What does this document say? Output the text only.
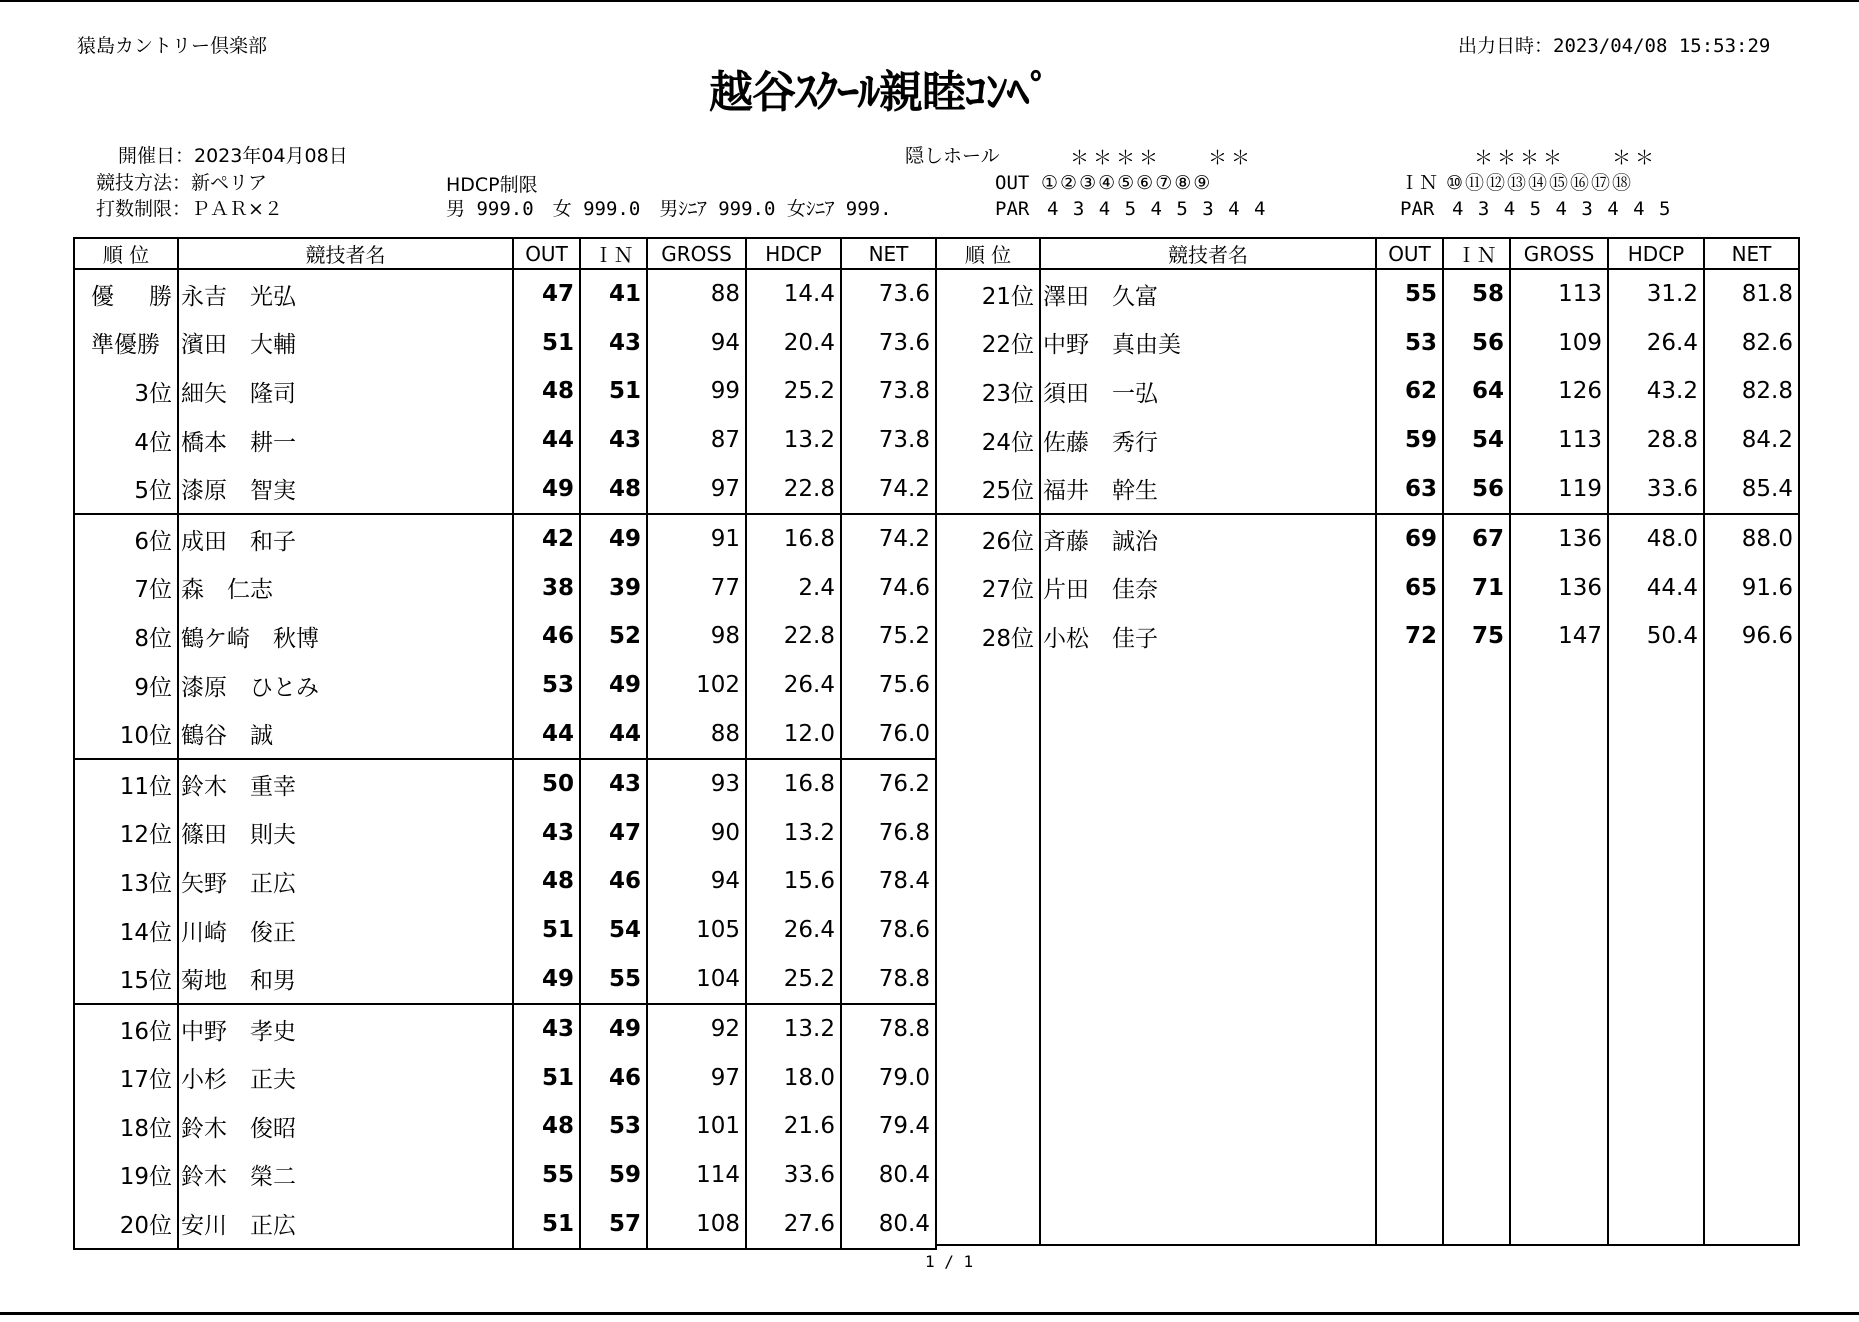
猿島カントリー倶楽部	出力日時：2023/04/08 15:53:29
越谷ｽｸｰﾙ親睦ｺﾝﾍﾟ
開催日：2023年04月08日
競技方法：新ペリア
打数制限：ＰＡＲ×２
HDCP制限
男 999.0　女 999.0　男ｼﾆｱ 999.0 女ｼﾆｱ 999.
隠しホール	＊＊＊＊　　＊＊	＊＊＊＊　　＊＊
OUT ①②③④⑤⑥⑦⑧⑨	ＩＮ ⑩⑪⑫⑬⑭⑮⑯⑰⑱
PAR 4 3 4 5 4 5 3 4 4	PAR 4 3 4 5 4 3 4 4 5
順 位	競技者名	OUT	ＩＮ	GROSS	HDCP	NET
優　勝	永吉　光弘	47	41	88	14.4	73.6
準優勝	濱田　大輔	51	43	94	20.4	73.6
3位	細矢　隆司	48	51	99	25.2	73.8
4位	橋本　耕一	44	43	87	13.2	73.8
5位	漆原　智実	49	48	97	22.8	74.2
6位	成田　和子	42	49	91	16.8	74.2
7位	森　仁志	38	39	77	2.4	74.6
8位	鶴ケ崎　秋博	46	52	98	22.8	75.2
9位	漆原　ひとみ	53	49	102	26.4	75.6
10位	鶴谷　誠	44	44	88	12.0	76.0
11位	鈴木　重幸	50	43	93	16.8	76.2
12位	篠田　則夫	43	47	90	13.2	76.8
13位	矢野　正広	48	46	94	15.6	78.4
14位	川崎　俊正	51	54	105	26.4	78.6
15位	菊地　和男	49	55	104	25.2	78.8
16位	中野　孝史	43	49	92	13.2	78.8
17位	小杉　正夫	51	46	97	18.0	79.0
18位	鈴木　俊昭	48	53	101	21.6	79.4
19位	鈴木　榮二	55	59	114	33.6	80.4
20位	安川　正広	51	57	108	27.6	80.4
順 位	競技者名	OUT	ＩＮ	GROSS	HDCP	NET
21位	澤田　久富	55	58	113	31.2	81.8
22位	中野　真由美	53	56	109	26.4	82.6
23位	須田　一弘	62	64	126	43.2	82.8
24位	佐藤　秀行	59	54	113	28.8	84.2
25位	福井　幹生	63	56	119	33.6	85.4
26位	斉藤　誠治	69	67	136	48.0	88.0
27位	片田　佳奈	65	71	136	44.4	91.6
28位	小松　佳子	72	75	147	50.4	96.6

1 / 1
